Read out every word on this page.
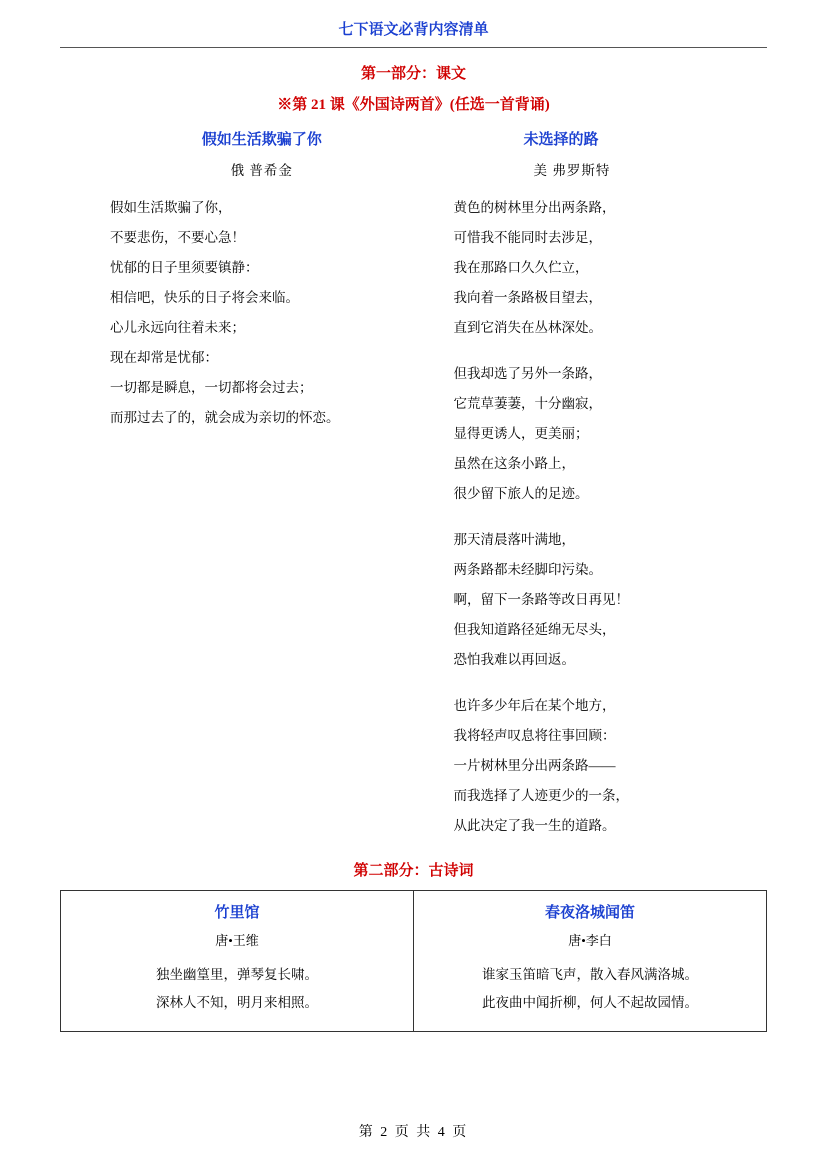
七下语文必背内容清单
第一部分：课文
※第 21 课《外国诗两首》(任选一首背诵)
假如生活欺骗了你
俄 普希金
假如生活欺骗了你，
不要悲伤，不要心急！
忧郁的日子里须要镇静：
相信吧，快乐的日子将会来临。
心儿永远向往着未来；
现在却常是忧郁：
一切都是瞬息，一切都将会过去；
而那过去了的，就会成为亲切的怀恋。
未选择的路
美 弗罗斯特
黄色的树林里分出两条路，
可惜我不能同时去涉足，
我在那路口久久伫立，
我向着一条路极目望去，
直到它消失在丛林深处。
但我却选了另外一条路，
它荒草萋萋，十分幽寂，
显得更诱人，更美丽；
虽然在这条小路上，
很少留下旅人的足迹。
那天清晨落叶满地，
两条路都未经脚印污染。
啊，留下一条路等改日再见！
但我知道路径延绵无尽头，
恐怕我难以再回返。
也许多少年后在某个地方，
我将轻声叹息将往事回顾：
一片树林里分出两条路——
而我选择了人迹更少的一条，
从此决定了我一生的道路。
第二部分：古诗词
竹里馆
唐•王维
独坐幽篁里，弹琴复长啸。
深林人不知，明月来相照。

春夜洛城闻笛
唐•李白
谁家玉笛暗飞声，散入春风满洛城。
此夜曲中闻折柳，何人不起故园情。
第 2 页 共 4 页
